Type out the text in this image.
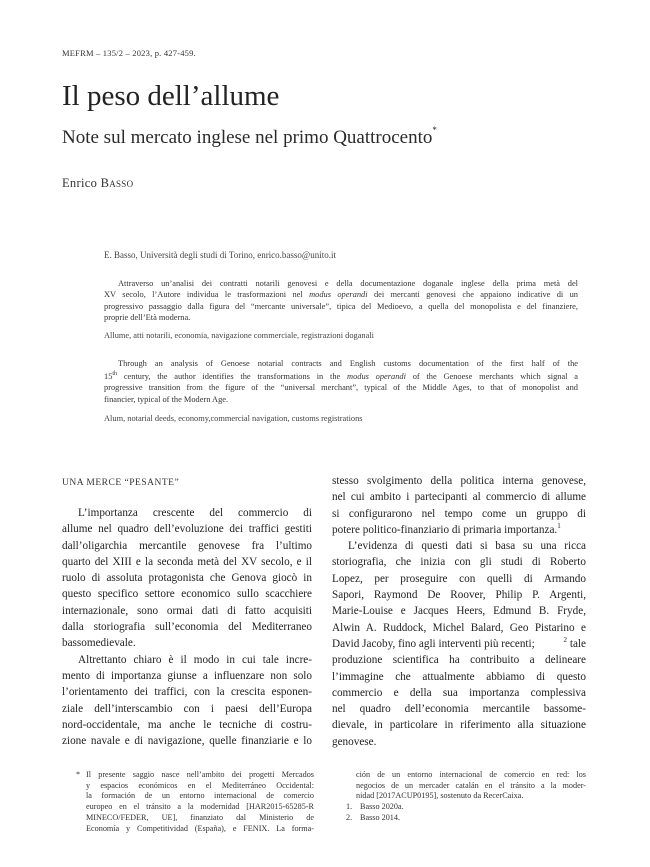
MEFRM – 135/2 – 2023, p. 427-459.
Il peso dell’allume
Note sul mercato inglese nel primo Quattrocento*
Enrico Basso
E. Basso, Università degli studi di Torino, enrico.basso@unito.it
Attraverso un’analisi dei contratti notarili genovesi e della documentazione doganale inglese della prima metà del
XV secolo, l’Autore individua le trasformazioni nel modus operandi dei mercanti genovesi che appaiono indicative di un
progressivo passaggio dalla figura del “mercante universale”, tipica del Medioevo, a quella del monopolista e del finanziere,
proprie dell’Età moderna.
Allume, atti notarili, economia, navigazione commerciale, registrazioni doganali
Through an analysis of Genoese notarial contracts and English customs documentation of the first half of the
15th century, the author identifies the transformations in the modus operandi of the Genoese merchants which signal a
progressive transition from the figure of the “universal merchant”, typical of the Middle Ages, to that of monopolist and
financier, typical of the Modern Age.
Alum, notarial deeds, economy,commercial navigation, customs registrations
UNA MERCE “PESANTE”
L’importanza crescente del commercio di
allume nel quadro dell’evoluzione dei traffici gestiti
dall’oligarchia mercantile genovese fra l’ultimo
quarto del XIII e la seconda metà del XV secolo, e il
ruolo di assoluta protagonista che Genova giocò in
questo specifico settore economico sullo scacchiere
internazionale, sono ormai dati di fatto acquisiti
dalla storiografia sull’economia del Mediterraneo
bassomedievale.
Altrettanto chiaro è il modo in cui tale incre-
mento di importanza giunse a influenzare non solo
l’orientamento dei traffici, con la crescita esponen-
ziale dell’interscambio con i paesi dell’Europa
nord-occidentale, ma anche le tecniche di costru-
zione navale e di navigazione, quelle finanziarie e lo
stesso svolgimento della politica interna genovese,
nel cui ambito i partecipanti al commercio di allume
si configurarono nel tempo come un gruppo di
potere politico-finanziario di primaria importanza.$^1$
L’evidenza di questi dati si basa su una ricca
storiografia, che inizia con gli studi di Roberto
Lopez, per proseguire con quelli di Armando
Sapori, Raymond De Roover, Philip P. Argenti,
Marie-Louise e Jacques Heers, Edmund B. Fryde,
Alwin A. Ruddock, Michel Balard, Geo Pistarino e
David Jacoby, fino agli interventi più recenti;	$^2$ tale
produzione scientifica ha contribuito a delineare
l’immagine che attualmente abbiamo di questo
commercio e della sua importanza complessiva
nel quadro dell’economia mercantile bassome-
dievale, in particolare in riferimento alla situazione
genovese.
* Il presente saggio nasce nell’ambito dei progetti Mercados
y espacios económicos en el Mediterráneo Occidental:
la formación de un entorno internacional de comercio
europeo en el tránsito a la modernidad [HAR2015-65285-R
MINECO/FEDER, UE], finanziato dal Ministerio de
Economía y Competitividad (España), e FENIX. La forma-
ción de un entorno internacional de comercio en red: los
negocios de un mercader catalán en el tránsito a la moder-
nidad [2017ACUP0195], sostenuto da RecerCaixa.
1. Basso 2020a.
2. Basso 2014.
